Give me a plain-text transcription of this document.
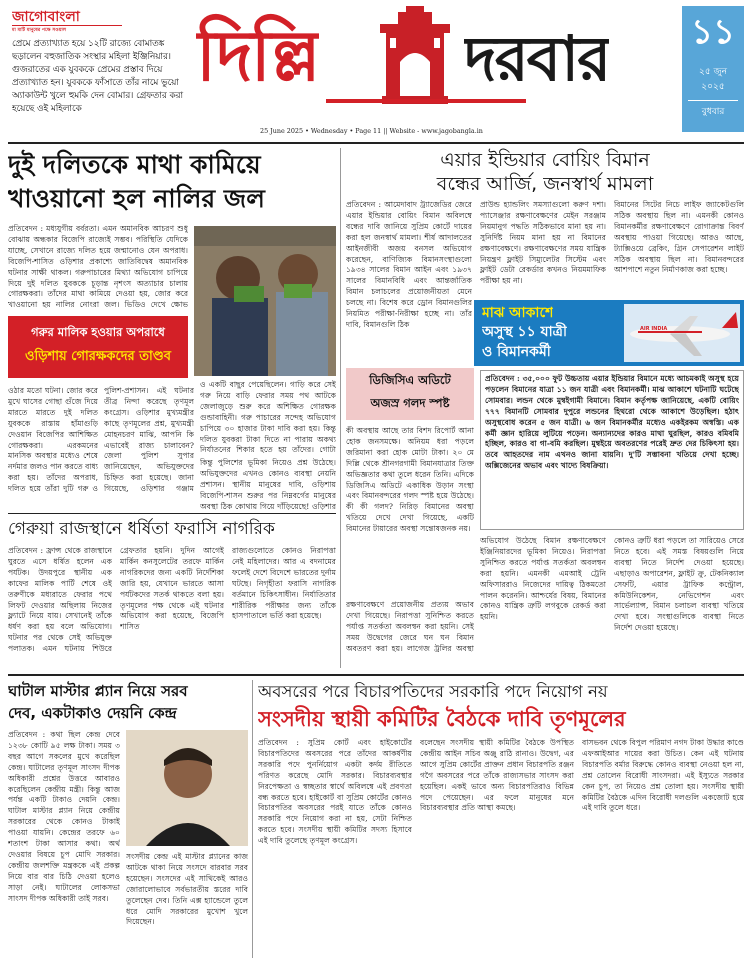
জাগোবাংলা
মা মাটি মানুষের পক্ষে সওয়াল
প্রেমে প্রত্যাখ্যাত হয়ে ১২টি রাজ্যে বোমাতঙ্ক ছড়ালেন বহুজাতিক সংস্থার মহিলা ইঞ্জিনিয়ার। গুজরাতের এক যুবককে প্রেমের প্রস্তাব দিয়ে প্রত্যাখ্যাত হন। যুবককে ফাঁসাতে তাঁর নামে ভুয়ো অ্যাকাউন্ট খুলে হুমকি দেন বোমার। গ্রেফতার করা হয়েছে ওই মহিলাকে
দিল্লি দরবার
25 June 2025 • Wednesday • Page 11 || Website - www.jagobangla.in
১১
২৫ জুন
২০২৫
বুধবার
দুই দলিতকে মাথা কামিয়ে
খাওয়ানো হল নালির জল
প্রতিবেদন : মধ্যযুগীয় বর্বরতা। এমন অমানবিক আচরণ শুধু বোঝায় অন্ধকার বিজেপি রাজ্যেই সম্ভব। পরিস্থিতি যেদিকে যাচ্ছে, সেখানে রাজ্যে দলিত হয়ে জন্মানোও যেন অপরাধ। বিজেপি-শাসিত ওড়িশার প্রকাশ্যে জাতিবিদ্বেষ অমানবিক ঘটনার সাক্ষী থাকল। গরুপাচারের মিথ্যা অভিযোগ চাপিয়ে দিয়ে দুই দলিত যুবককে চূড়ান্ত নৃশংস অত্যাচার চালায় গোরক্ষকরা। তাঁদের মাথা কামিয়ে দেওয়া হয়, জোর করে খাওয়ানো হয় নালির নোংরা জল। ভিডিও দেখে ক্ষোভ
গরুর মালিক হওয়ার অপরাধে
ওড়িশায় গোরক্ষকদের তাণ্ডব
ওঠার মতো ঘটনা। জোর করে মুখে ঘাসের গোছা গুঁজে দিয়ে মারতে মারতে দুই দলিত যুবককে রাস্তায় হাঁমাগুড়ি দেওয়ান বিজেপির আশিক্ষিত গোরক্ষকরা। এরকমনের মানসিক অবস্থার মধ্যেও শেষে নর্দমার জলও পান করতে বাধ্য করা হয়। তাঁদের অপরাধ, দলিত হয়ে তাঁরা দুটি গরু ও
পুলিশ-প্রশাসন। এই ঘটনার তীব্র নিন্দা করেছে তৃণমূল কংগ্রেস। ওড়িশার মুখ্যমন্ত্রীর কাছে তৃণমূলের প্রশ্ন, মুখ্যমন্ত্রী মোহনচরণ মাঝি, আপনি কি এভাবেই রাজ্য চালাবেন? জেলা পুলিশ সুপার জানিয়েছেন, অভিযুক্তদের চিহ্নিত করা হয়েছে। জানা গিয়েছে, ওড়িশার গঞ্জাম
ও একটি বাছুর পেয়েছিলেন। গাড়ি করে সেই গরু নিয়ে বাড়ি ফেরার সময় পথ আটকে জেলাজুড়ে শুরু করে অশিক্ষিত গোরক্ষক গুন্ডাবাহিনী। গরু পাচারের সন্দেহ অভিযোগ চাপিয়ে ৩০ হাজার টাকা দাবি করা হয়। কিন্তু দলিত যুবকরা টাকা দিতে না পারায় অকথ্য নির্যাতনের শিকার হতে হয় তাঁদের। গোটা
কিন্তু পুলিশের ভূমিকা নিয়েও প্রশ্ন উঠেছে। অভিযুক্তদের এখনও কোনও ব্যবস্থা নেয়নি প্রশাসন। স্থানীয় মানুষের দাবি, ওড়িশায় বিজেপি-শাসন শুরুর পর নিম্নবর্গের মানুষের অবস্থা ঠিক কোথায় গিয়ে দাঁড়িয়েছে! ওড়িশার
গেরুয়া রাজস্থানে ধর্ষিতা ফরাসি নাগরিক
প্রতিবেদন : ফ্রান্স থেকে রাজস্থানে ঘুরতে এসে ধর্ষিত হলেন এক পর্যটক। উদয়পুরে স্থানীয় এক কাফের মালিক পার্টি শেষে ওই তরুণীকে মধ্যরাতে ফেরার পথে লিফট দেওয়ার অছিলায় নিজের ফ্ল্যাটে নিয়ে যায়। সেখানেই তাঁকে ধর্ষণ করা হয় বলে অভিযোগ। ঘটনার পর থেকে সেই অভিযুক্ত পলাতক। এমন ঘটনায় শিউরে
গ্রেফতার হয়নি। দুদিন আগেই মার্কিন কনসুলেটের তরফে মার্কিন নাগরিকদের জন্য একটি নির্দেশিকা জারি হয়, যেখানে ভারতে আসা পর্যটকদের সতর্ক থাকতে বলা হয়। তৃণমূলের পক্ষ থেকে এই ঘটনার অভিযোগ করা হয়েছে, বিজেপি শাসিত
রাজ্যগুলোতে কোনও নিরাপত্তা নেই মহিলাদের। আর এ বদনামের ফলেই দেশে বিদেশে ভারতের দুর্নাম ঘটছে। নিগৃহীতা ফরাসি নাগরিক বর্তমানে চিকিৎসাধীন। নির্যাতিতার শারীরিক পরীক্ষার জন্য তাঁকে হাসপাতালে ভর্তি করা হয়েছে।
এয়ার ইন্ডিয়ার বোয়িং বিমান
বন্ধের আর্জি, জনস্বার্থ মামলা
প্রতিবেদন : আমেদাবাদ ট্র্যাজেডির জেরে এয়ার ইন্ডিয়ার বোয়িং বিমান অবিলম্বে বন্ধের দাবি জানিয়ে সুপ্রিম কোর্টে দায়ের করা হল জনস্বার্থ মামলা। শীর্ষ আদালতের আইনজীবী অজয় বনসল অভিযোগ করেছেন, বাণিজ্যিক বিমানসংস্থাগুলো ১৯৩৪ সালের বিমান আইন এবং ১৯৩৭ সালের বিমানবিধি এবং আন্তর্জাতিক বিমান চলাচলের প্রয়োজনীয়তা মেনে চলছে না। বিশেষ করে ড্রোন বিমানগুলির নিয়মিত পরীক্ষা-নিরীক্ষা হচ্ছে না। তাঁর দাবি, বিমানগুলি ঠিক
প্রাউন্ড হ্যান্ডলিং সমস্যাগুলো করুণ দশা। প্যাসেঞ্জার রক্ষণাবেক্ষণের মেইন সরঞ্জাম নিয়মানুগ পদ্ধতি সঠিকভাবে মানা হয় না। সুনির্দিষ্ট নিয়ম মানা হয় না বিমানের রক্ষণাবেক্ষণে। রক্ষণাবেক্ষণের সময় যান্ত্রিক নিয়ন্ত্রণ ফ্লাইট সিম্যুলেটর সিস্টেম এবং ফ্লাইট ডেটা রেকর্ডার কখনও নিয়মমাফিক পরীক্ষা হয় না।
বিমানের সিটের নিচে লাইফ জ্যাকেটগুলি সঠিক অবস্থায় ছিল না। এমনকী কোনও বিমানকর্মীর রক্ষণাবেক্ষণে রোগাক্রান্ত বিবর্ণ অবস্থায় পাওয়া গিয়েছে। আরও আছে, ট্যাক্সিওয়ে ব্রেকিং, গ্রিন সেপারেশন লাইট সঠিক অবস্থায় ছিল না। বিমানবন্দরের আশপাশে নতুন নির্মাণকাজ করা হচ্ছে।
মাঝ আকাশে
অসুস্থ ১১ যাত্রী
ও বিমানকর্মী
AIR INDIA
প্রতিবেদন : ৩৫,০০০ ফুট উচ্চতায় এয়ার ইন্ডিয়ার বিমানে মধ্যে আচমকাই অসুস্থ হয়ে পড়লেন বিমানের যাত্রা ১১ জন যাত্রী এবং বিমানকর্মী। মাঝ আকাশে ঘটনাটি ঘটেছে সোমবার। লন্ডন থেকে মুম্বইগামী বিমানে। বিমান কর্তৃপক্ষ জানিয়েছে, একটি বোয়িং ৭৭৭ বিমানটি সোমবার দুপুরে লন্ডনের হিথরো থেকে আকাশে উড়েছিল। হঠাৎ অসুস্থবোধ করেন ৫ জন যাত্রী। ৬ জন বিমানকর্মীর মধ্যেও একইরকম অস্বস্তি। এক কর্মী জ্ঞান হারিয়ে লুটিয়ে পড়েন। অন্যান্যদের কারও মাথা ঘুরছিল, কারও বমিবমি হচ্ছিল, কারও বা গা-বমি করছিল। মুম্বইয়ে অবতরণের পরেই দ্রুত দের চিকিৎসা হয়। তবে আহতদের নাম এখনও জানা যায়নি। দু'টি সম্ভাবনা খতিয়ে দেখা হচ্ছে। অক্সিজেনের অভাব এবং খাদ্যে বিষক্রিয়া।
ডিজিসিএ অডিটে
অজস্র গলদ স্পষ্ট
কী অবস্থায় আছে তার বিশদ রিপোর্ট আনা হোক জনসমক্ষে। অনিয়ম ধরা পড়লে জরিমানা করা হোক মোটা টাকা। ২০ মে দিল্লি থেকে শ্রীনগরগামী বিমানযাত্রার তিক্ত অভিজ্ঞতার কথা তুলে ধরেন তিনি। এদিকে ডিজিসিএ অডিটে একাধিক উড়ান সংস্থা এবং বিমানবন্দরের গলদ স্পষ্ট হয়ে উঠেছে। কী কী গলদ? নিরিড় বিমানের অবস্থা খতিয়ে দেখে দেখা গিয়েছে, একটি বিমানের টায়ারের অবস্থা সন্তোষজনক নয়।
রক্ষণাবেক্ষণে প্রয়োজনীয় প্রত্যয় অভাব দেখা গিয়েছে। নিরাপত্তা সুনিশ্চিত করতে পর্যাপ্ত সতর্কতা অবলম্বন করা হয়নি। সেই সময় উদ্বেগের জেরে ঘন ঘন বিমান অবতরণ করা হয়। লাগেজ ট্রলির অবস্থা
অভিযোগ উঠেছে বিমান রক্ষণাবেক্ষণে ইঞ্জিনিয়ারদের ভূমিকা নিয়েও। নিরাপত্তা সুনিশ্চিত করতে পর্যাপ্ত সতর্কতা অবলম্বন করা হয়নি। এমনকী এমআই ট্রেনি অফিসাররাও নিজেদের দায়িত্ব ঠিকমতো পালন করেননি। আশ্চর্যের বিষয়, বিমানের কোনও যান্ত্রিক ত্রুটি লগবুকে রেকর্ড করা হয়নি।
কোনও ত্রুটি ধরা পড়লে তা সারিয়েও সেরে নিতে হবে। এই সমস্ত বিষয়গুলি নিয়ে ব্যবস্থা নিতে নির্দেশ দেওয়া হয়েছে। এছাড়াও অপারেশন, ফ্লাইট ক্রু, টেকনিক্যাল সেফটি, এয়ার ট্রাফিক কন্ট্রোল, কমিউনিকেশন, নেভিগেশন এবং সার্ভেল্যান্স, বিমান চলাচল ব্যবস্থা খতিয়ে দেখা হবে। সংস্থাগুলিকে ব্যবস্থা নিতে নির্দেশ দেওয়া হয়েছে।
ঘাটাল মাস্টার প্ল্যান নিয়ে সরব
দেব, একটাকাও দেয়নি কেন্দ্র
প্রতিবেদন : কথা ছিল কেন্দ্র দেবে ১২৩৮ কোটি ৯৫ লক্ষ টাকা। সময় ৩ বছর আগে সকলের মুখে করেছিল কেন্দ্র। ঘাটালের তৃণমূল সাংসদ দীপক অধিকারী প্রশ্নের উত্তরে আবারও করেছিলেন কেন্দ্রীয় মন্ত্রী। কিন্তু আজ পর্যন্ত একটি টাকাও দেয়নি কেন্দ্র। ঘাটাল মাস্টার প্ল্যান নিয়ে কেন্দ্রীয় সরকারের থেকে কোনও টাকাই পাওয়া যায়নি। কেন্দ্রের তরফে ৬০ শতাংশ টাকা আসার কথা। অর্থ দেওয়ার বিষয়ে চুপ মোদি সরকার। কেন্দ্রীয় জলশক্তি মন্ত্রককে এই প্রকল্প নিয়ে বার বার চিঠি দেওয়া হলেও সাড়া নেই। ঘাটালের লোকসভা সাংসদ দীপক অধিকারী তাই সরব।
সংসদীয় কেন্দ্র এই মাস্টার প্ল্যানের কাজ আটকে থাকা নিয়ে সংসদে বারবার সরব হয়েছেন। সংসদের এই সাথিকেই আরও জোরালোভাবে সর্বভারতীয় স্তরের দাবি তুলেছেন দেব। তিনি এক্স হ্যান্ডেলে তুলে ধরে মোদি সরকারের মুখোশ খুলে দিয়েছেন।
অবসরের পরে বিচারপতিদের সরকারি পদে নিয়োগ নয়
সংসদীয় স্থায়ী কমিটির বৈঠকে দাবি তৃণমূলের
প্রতিবেদন : সুপ্রিম কোর্ট এবং হাইকোর্টের বিচারপতিদের অবসরের পরে তাঁদের আকর্ষণীয় সরকারি পদে পুনর্নিয়োগ একটা কর্দম রীতিতে পরিণত করেছে মোদি সরকার। বিচারব্যবস্থার নিরপেক্ষতা ও স্বচ্ছতার স্বার্থে অবিলম্বে এই প্রবণতা বন্ধ করতে হবে। হাইকোর্ট বা সুপ্রিম কোর্টের কোনও বিচারপতির অবসরের পরই যাতে তাঁকে কোনও সরকারি পদে নিয়োগ করা না হয়, সেটা নিশ্চিত করতে হবে। সংসদীয় স্থায়ী কমিটির সদস্য হিসাবে এই দাবি তুলেছে তৃণমূল কংগ্রেস।
বলেছেন সংসদীয় স্থায়ী কমিটির বৈঠকে উপস্থিত কেন্দ্রীয় আইন সচিব অঞ্জু রাঠি রানাও। উদ্বেগ, এর আগে সুপ্রিম কোর্টের প্রাক্তন প্রধান বিচারপতি রঞ্জন গগৈ অবসরের পরে তাঁকে রাজ্যসভার সাংসদ করা হয়েছিল। একই ভাবে অন্য বিচারপতিরাও বিভিন্ন পদে পেয়েছেন। এর ফলে মানুষের মনে বিচারব্যবস্থার প্রতি আস্থা কমছে।
বাসভবন থেকে বিপুল পরিমাণ নগদ টাকা উদ্ধার কাণ্ডে এফআইআর দায়ের করা উচিত। কেন এই ঘটনায় বিচারপতি বর্মার বিরুদ্ধে কোনও ব্যবস্থা নেওয়া হল না, প্রশ্ন তোলেন বিরোধী সাংসদরা। এই ইস্যুতে সরকার কেন চুপ, তা নিয়েও প্রশ্ন তোলা হয়। সংসদীয় স্থায়ী কমিটির বৈঠকে এদিন বিরোধী দলগুলি একজোট হয়ে এই দাবি তুলে ধরে।
